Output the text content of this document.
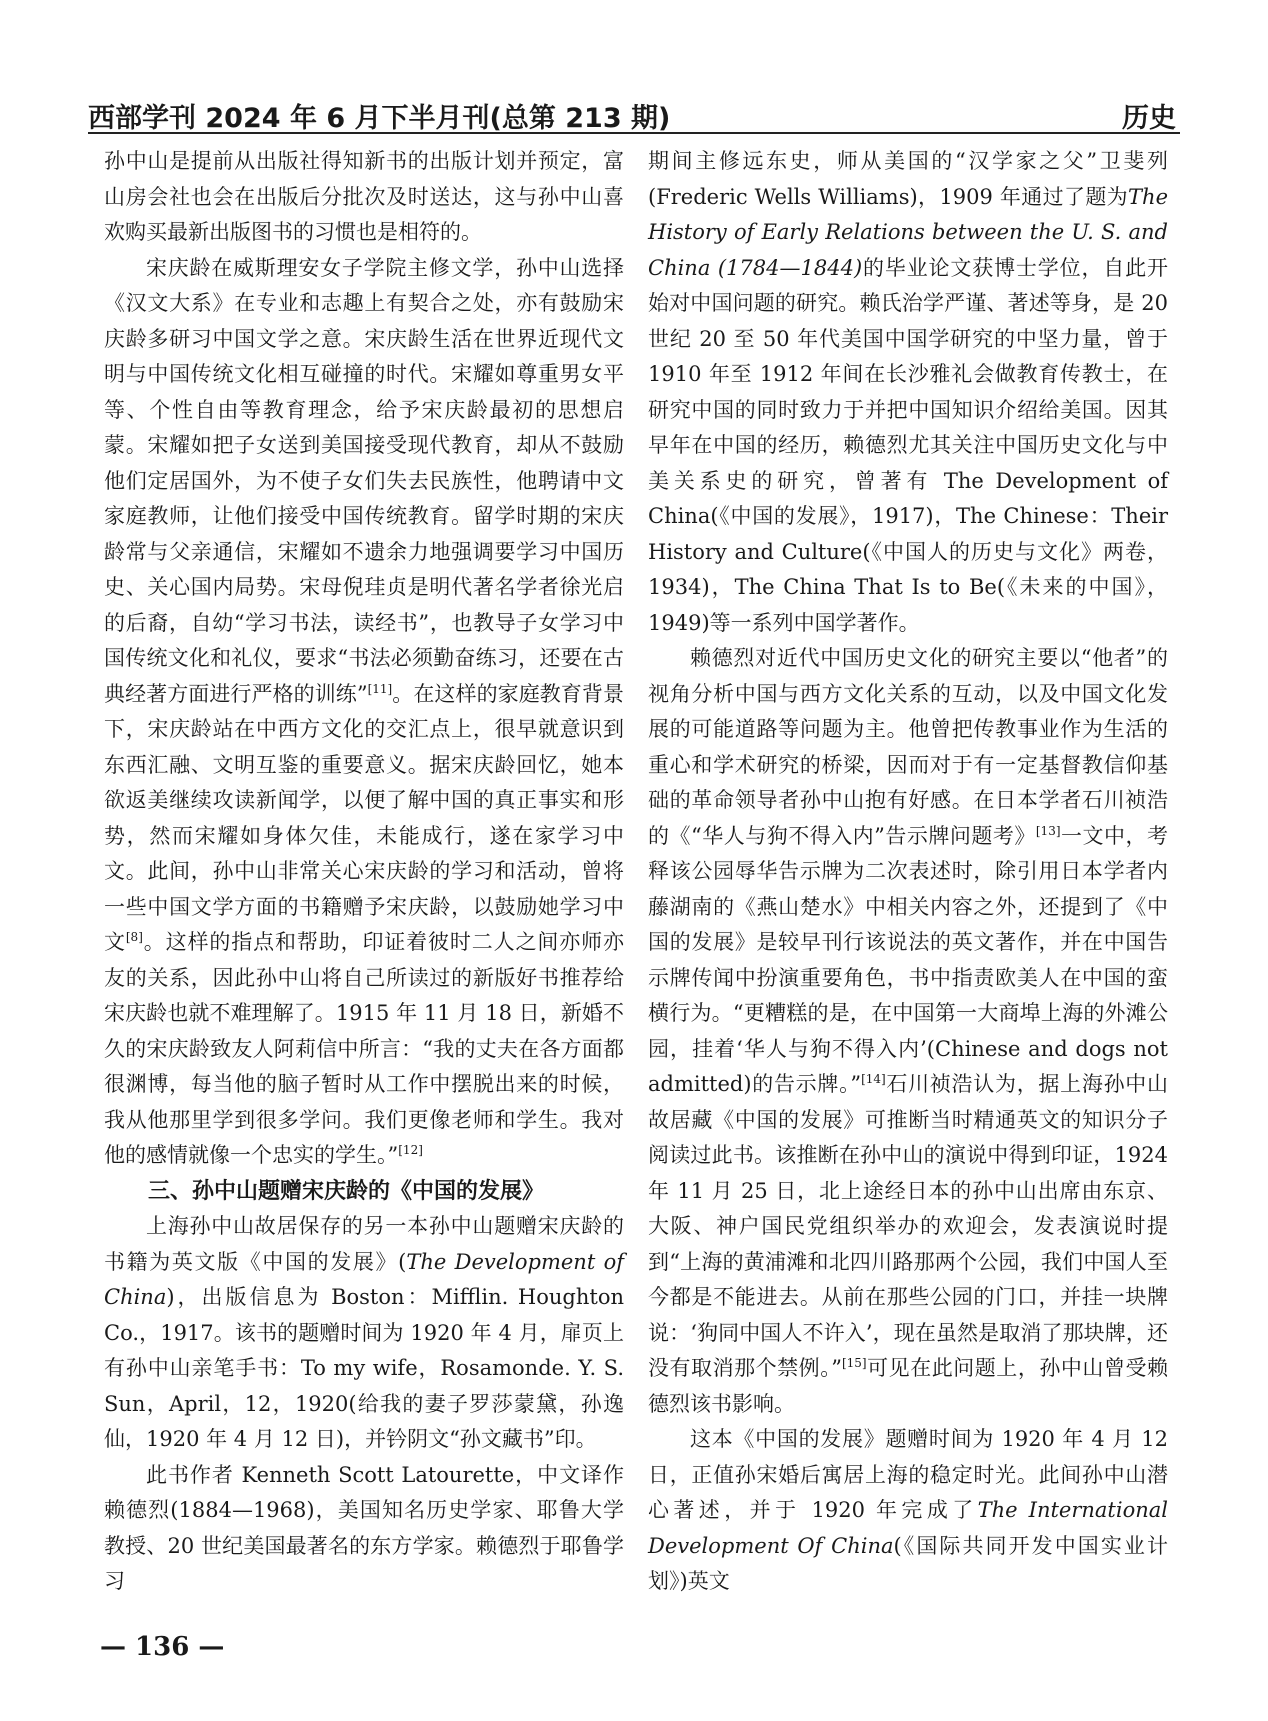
西部学刊 2024 年 6 月下半月刊(总第 213 期)	历史

孙中山是提前从出版社得知新书的出版计划并预定，富山房会社也会在出版后分批次及时送达，这与孙中山喜欢购买最新出版图书的习惯也是相符的。

宋庆龄在威斯理安女子学院主修文学，孙中山选择《汉文大系》在专业和志趣上有契合之处，亦有鼓励宋庆龄多研习中国文学之意。宋庆龄生活在世界近现代文明与中国传统文化相互碰撞的时代。宋耀如尊重男女平等、个性自由等教育理念，给予宋庆龄最初的思想启蒙。宋耀如把子女送到美国接受现代教育，却从不鼓励他们定居国外，为不使子女们失去民族性，他聘请中文家庭教师，让他们接受中国传统教育。留学时期的宋庆龄常与父亲通信，宋耀如不遗余力地强调要学习中国历史、关心国内局势。宋母倪珪贞是明代著名学者徐光启的后裔，自幼“学习书法，读经书”，也教导子女学习中国传统文化和礼仪，要求“书法必须勤奋练习，还要在古典经著方面进行严格的训练”[11]。在这样的家庭教育背景下，宋庆龄站在中西方文化的交汇点上，很早就意识到东西汇融、文明互鉴的重要意义。据宋庆龄回忆，她本欲返美继续攻读新闻学，以便了解中国的真正事实和形势，然而宋耀如身体欠佳，未能成行，遂在家学习中文。此间，孙中山非常关心宋庆龄的学习和活动，曾将一些中国文学方面的书籍赠予宋庆龄，以鼓励她学习中文[8]。这样的指点和帮助，印证着彼时二人之间亦师亦友的关系，因此孙中山将自己所读过的新版好书推荐给宋庆龄也就不难理解了。1915 年 11 月 18 日，新婚不久的宋庆龄致友人阿莉信中所言：“我的丈夫在各方面都很渊博，每当他的脑子暂时从工作中摆脱出来的时候，我从他那里学到很多学问。我们更像老师和学生。我对他的感情就像一个忠实的学生。”[12]

三、孙中山题赠宋庆龄的《中国的发展》

上海孙中山故居保存的另一本孙中山题赠宋庆龄的书籍为英文版《中国的发展》(The Development of China)，出版信息为 Boston：Mifflin. Houghton Co.，1917。该书的题赠时间为 1920 年 4 月，扉页上有孙中山亲笔手书：To my wife，Rosamonde. Y. S. Sun，April，12，1920(给我的妻子罗莎蒙黛，孙逸仙，1920 年 4 月 12 日)，并钤阴文“孙文藏书”印。

此书作者 Kenneth Scott Latourette，中文译作赖德烈(1884—1968)，美国知名历史学家、耶鲁大学教授、20 世纪美国最著名的东方学家。赖德烈于耶鲁学习

期间主修远东史，师从美国的“汉学家之父”卫斐列(Frederic Wells Williams)，1909 年通过了题为The History of Early Relations between the U. S. and China (1784—1844)的毕业论文获博士学位，自此开始对中国问题的研究。赖氏治学严谨、著述等身，是 20 世纪 20 至 50 年代美国中国学研究的中坚力量，曾于 1910 年至 1912 年间在长沙雅礼会做教育传教士，在研究中国的同时致力于并把中国知识介绍给美国。因其早年在中国的经历，赖德烈尤其关注中国历史文化与中美关系史的研究，曾著有 The Development of China(《中国的发展》，1917)，The Chinese：Their History and Culture(《中国人的历史与文化》两卷，1934)，The China That Is to Be(《未来的中国》，1949)等一系列中国学著作。

赖德烈对近代中国历史文化的研究主要以“他者”的视角分析中国与西方文化关系的互动，以及中国文化发展的可能道路等问题为主。他曾把传教事业作为生活的重心和学术研究的桥梁，因而对于有一定基督教信仰基础的革命领导者孙中山抱有好感。在日本学者石川祯浩的《“华人与狗不得入内”告示牌问题考》[13]一文中，考释该公园辱华告示牌为二次表述时，除引用日本学者内藤湖南的《燕山楚水》中相关内容之外，还提到了《中国的发展》是较早刊行该说法的英文著作，并在中国告示牌传闻中扮演重要角色，书中指责欧美人在中国的蛮横行为。“更糟糕的是，在中国第一大商埠上海的外滩公园，挂着‘华人与狗不得入内’(Chinese and dogs not admitted)的告示牌。”[14]石川祯浩认为，据上海孙中山故居藏《中国的发展》可推断当时精通英文的知识分子阅读过此书。该推断在孙中山的演说中得到印证，1924 年 11 月 25 日，北上途经日本的孙中山出席由东京、大阪、神户国民党组织举办的欢迎会，发表演说时提到“上海的黄浦滩和北四川路那两个公园，我们中国人至今都是不能进去。从前在那些公园的门口，并挂一块牌说：‘狗同中国人不许入’，现在虽然是取消了那块牌，还没有取消那个禁例。”[15]可见在此问题上，孙中山曾受赖德烈该书影响。

这本《中国的发展》题赠时间为 1920 年 4 月 12 日，正值孙宋婚后寓居上海的稳定时光。此间孙中山潜心著述，并于 1920 年完成了The International Development Of China(《国际共同开发中国实业计划》)英文

— 136 —
